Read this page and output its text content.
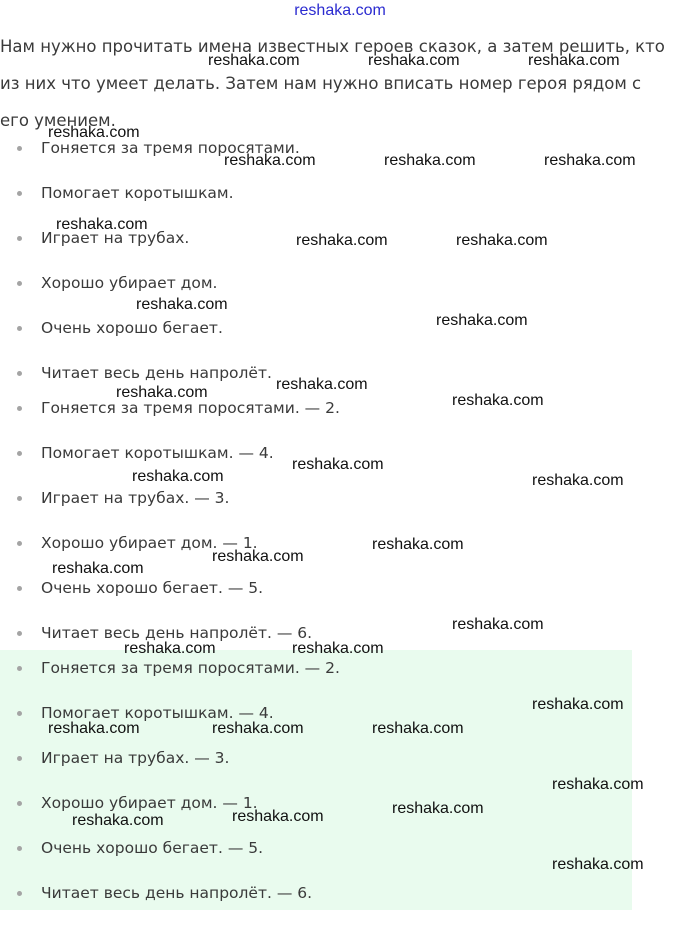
reshaka.com

Нам нужно прочитать имена известных героев сказок, а затем решить, кто из них что умеет делать. Затем нам нужно вписать номер героя рядом с его умением.

Гоняется за тремя поросятами.
Помогает коротышкам.
Играет на трубах.
Хорошо убирает дом.
Очень хорошо бегает.
Читает весь день напролёт.
Гоняется за тремя поросятами. — 2.
Помогает коротышкам. — 4.
Играет на трубах. — 3.
Хорошо убирает дом. — 1.
Очень хорошо бегает. — 5.
Читает весь день напролёт. — 6.
Гоняется за тремя поросятами. — 2.
Помогает коротышкам. — 4.
Играет на трубах. — 3.
Хорошо убирает дом. — 1.
Очень хорошо бегает. — 5.
Читает весь день напролёт. — 6.
reshaka.com	reshaka.com	reshaka.com
reshaka.com
reshaka.com	reshaka.com	reshaka.com
reshaka.com
reshaka.com	reshaka.com
reshaka.com
reshaka.com
reshaka.com
reshaka.com	reshaka.com
reshaka.com
reshaka.com	reshaka.com
reshaka.com
reshaka.com
reshaka.com
reshaka.com
reshaka.com	reshaka.com
reshaka.com
reshaka.com	reshaka.com	reshaka.com
reshaka.com
reshaka.com
reshaka.com
reshaka.com
reshaka.com
